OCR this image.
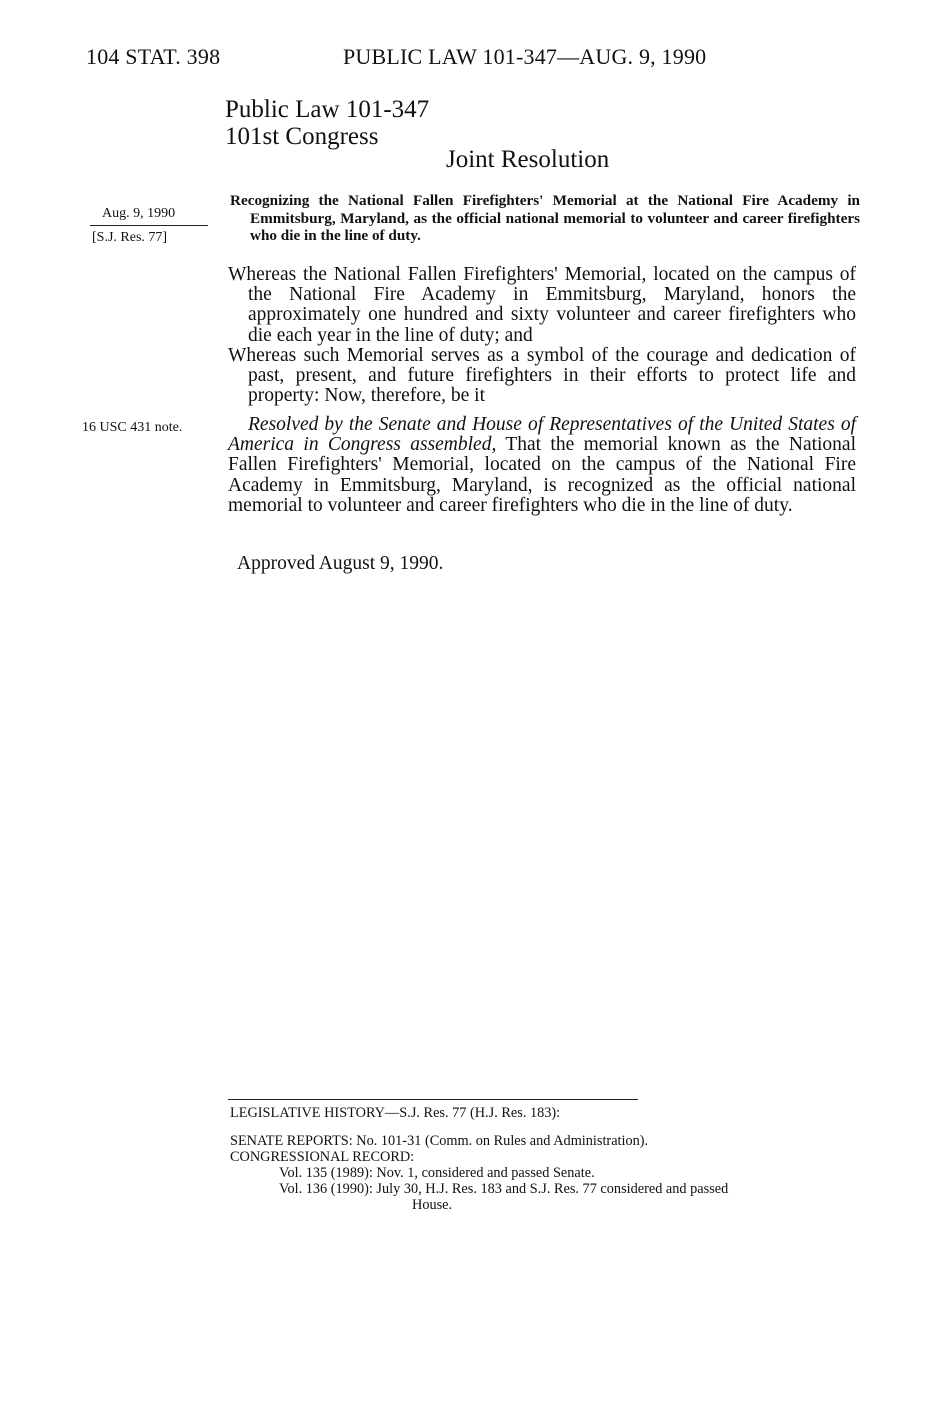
104 STAT. 398	PUBLIC LAW 101-347—AUG. 9, 1990
Public Law 101-347
101st Congress
Joint Resolution
Aug. 9, 1990
[S.J. Res. 77]
16 USC 431 note.

Recognizing the National Fallen Firefighters' Memorial at the National Fire Academy in Emmitsburg, Maryland, as the official national memorial to volunteer and career firefighters who die in the line of duty.

Whereas the National Fallen Firefighters' Memorial, located on the campus of the National Fire Academy in Emmitsburg, Maryland, honors the approximately one hundred and sixty volunteer and career firefighters who die each year in the line of duty; and

Whereas such Memorial serves as a symbol of the courage and dedication of past, present, and future firefighters in their efforts to protect life and property: Now, therefore, be it

Resolved by the Senate and House of Representatives of the United States of America in Congress assembled, That the memorial known as the National Fallen Firefighters' Memorial, located on the campus of the National Fire Academy in Emmitsburg, Maryland, is recognized as the official national memorial to volunteer and career firefighters who die in the line of duty.

Approved August 9, 1990.
LEGISLATIVE HISTORY—S.J. Res. 77 (H.J. Res. 183):
SENATE REPORTS: No. 101-31 (Comm. on Rules and Administration).
CONGRESSIONAL RECORD:
Vol. 135 (1989): Nov. 1, considered and passed Senate.
Vol. 136 (1990): July 30, H.J. Res. 183 and S.J. Res. 77 considered and passed
House.
